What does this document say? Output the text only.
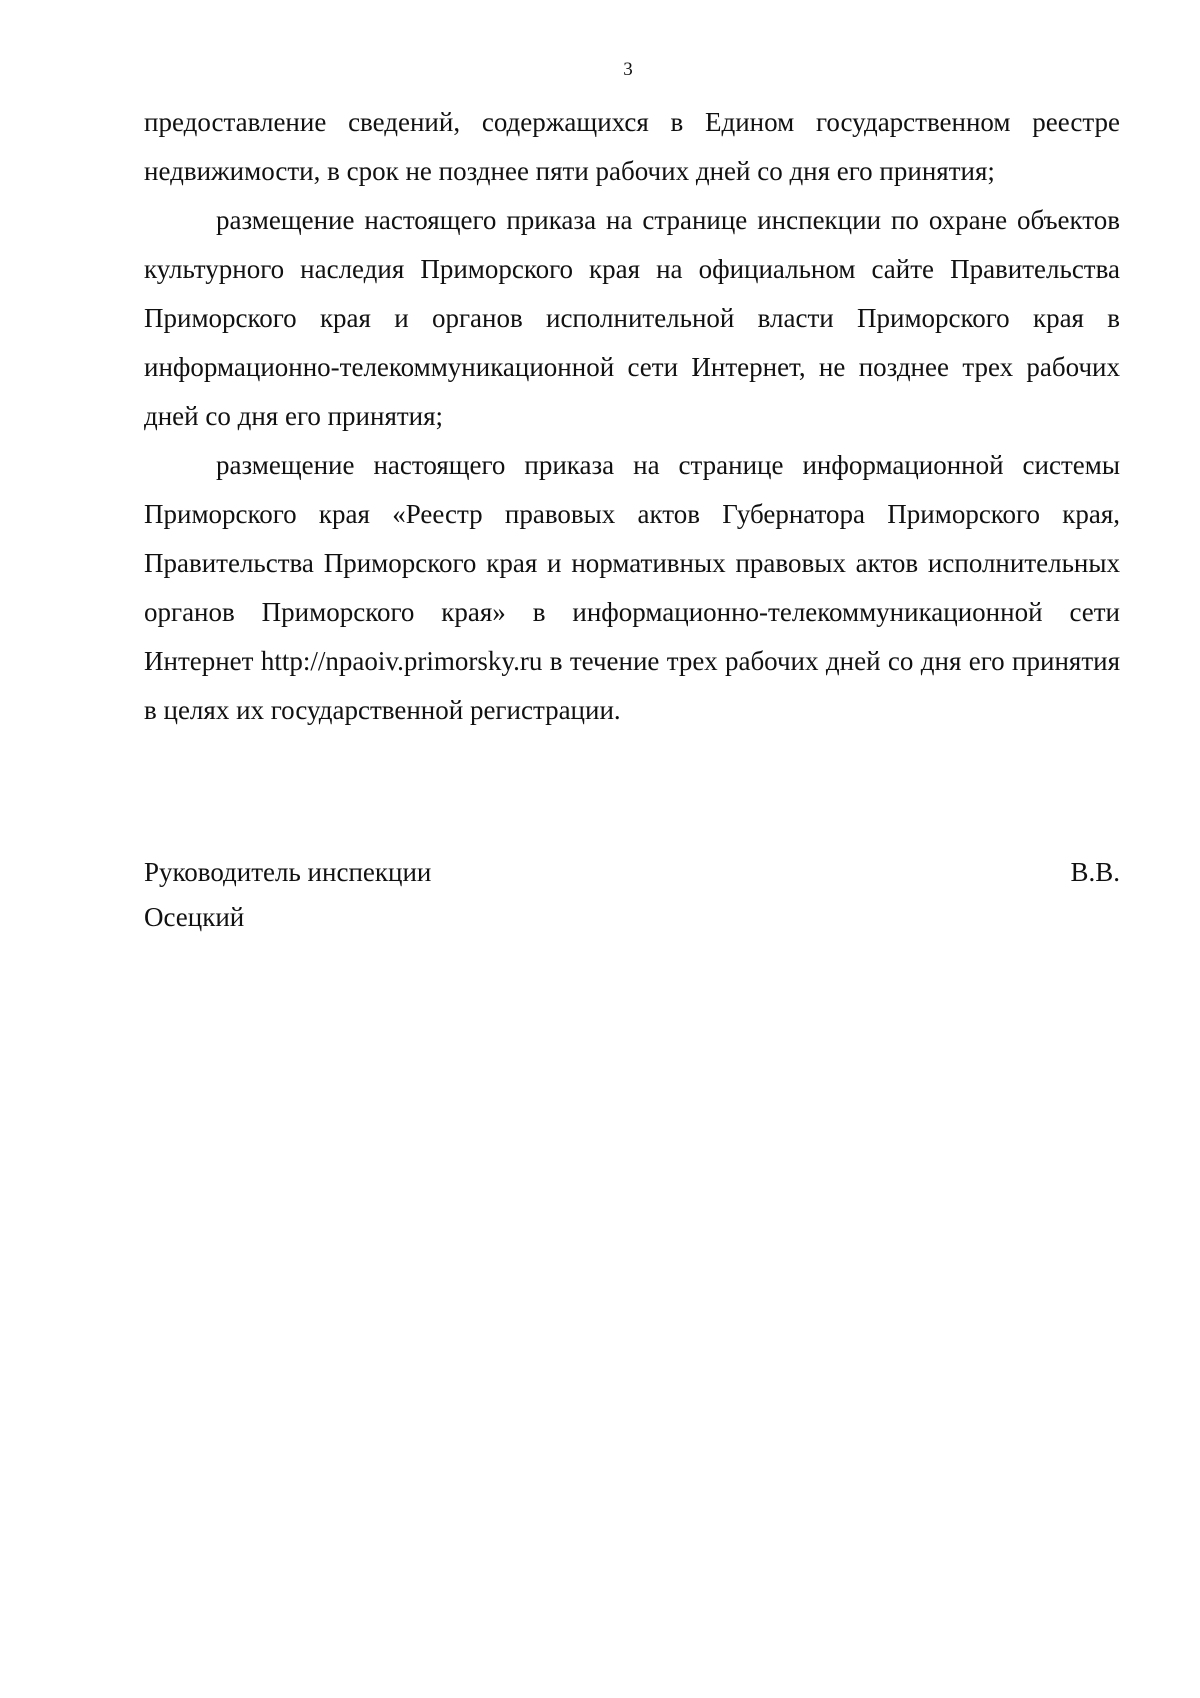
3

предоставление сведений, содержащихся в Едином государственном реестре недвижимости, в срок не позднее пяти рабочих дней со дня его принятия;

размещение настоящего приказа на странице инспекции по охране объектов культурного наследия Приморского края на официальном сайте Правительства Приморского края и органов исполнительной власти Приморского края в информационно-телекоммуникационной сети Интернет, не позднее трех рабочих дней со дня его принятия;

размещение настоящего приказа на странице информационной системы Приморского края «Реестр правовых актов Губернатора Приморского края, Правительства Приморского края и нормативных правовых актов исполнительных органов Приморского края» в информационно-телекоммуникационной сети Интернет http://npaoiv.primorsky.ru в течение трех рабочих дней со дня его принятия в целях их государственной регистрации.

Руководитель инспекции	В.В.
Осецкий
